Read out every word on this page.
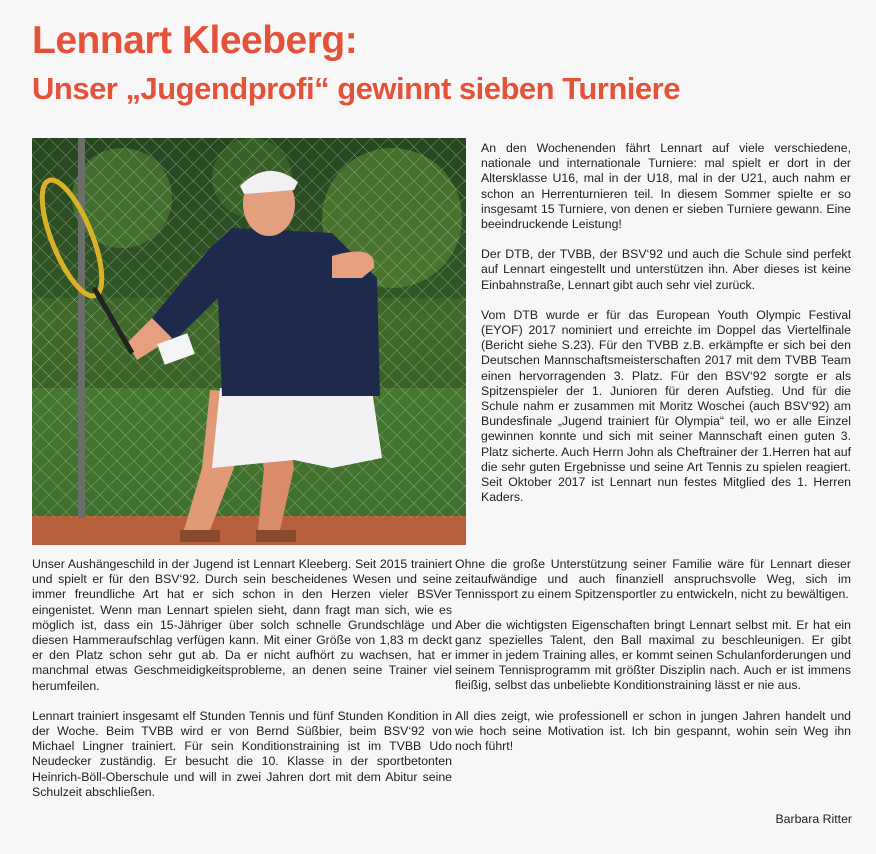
Lennart Kleeberg:
Unser „Jugendprofi“ gewinnt sieben Turniere

An den Wochenenden fährt Lennart auf viele verschiedene, nationale und internationale Turniere: mal spielt er dort in der Altersklasse U16, mal in der U18, mal in der U21, auch nahm er schon an Herrenturnieren teil. In diesem Sommer spielte er so insgesamt 15 Turniere, von denen er sieben Turniere gewann. Eine beeindruckende Leistung!

Der DTB, der TVBB, der BSV‘92 und auch die Schule sind perfekt auf Lennart eingestellt und unterstützen ihn. Aber dieses ist keine Einbahnstraße, Lennart gibt auch sehr viel zurück.

Vom DTB wurde er für das European Youth Olympic Festival (EYOF) 2017 nominiert und erreichte im Doppel das Viertelfinale (Bericht siehe S.23). Für den TVBB z.B. erkämpfte er sich bei den Deutschen Mannschaftsmeisterschaften 2017 mit dem TVBB Team einen hervorragenden 3. Platz. Für den BSV‘92 sorgte er als Spitzenspieler der 1. Junioren für deren Aufstieg. Und für die Schule nahm er zusammen mit Moritz Woschei (auch BSV‘92) am Bundesfinale „Jugend trainiert für Olympia“ teil, wo er alle Einzel gewinnen konnte und sich mit seiner Mannschaft einen guten 3. Platz sicherte. Auch Herrn John als Cheftrainer der 1.Herren hat auf die sehr guten Ergebnisse und seine Art Tennis zu spielen reagiert. Seit Oktober 2017 ist Lennart nun festes Mitglied des 1. Herren Kaders.

Unser Aushängeschild in der Jugend ist Lennart Kleeberg. Seit 2015 trainiert und spielt er für den BSV‘92. Durch sein bescheidenes Wesen und seine immer freundliche Art hat er sich schon in den Herzen vieler BSVer eingenistet. Wenn man Lennart spielen sieht, dann fragt man sich, wie es möglich ist, dass ein 15-Jähriger über solch schnelle Grundschläge und diesen Hammeraufschlag verfügen kann. Mit einer Größe von 1,83 m deckt er den Platz schon sehr gut ab. Da er nicht aufhört zu wachsen, hat er manchmal etwas Geschmeidigkeitsprobleme, an denen seine Trainer viel herumfeilen.

Lennart trainiert insgesamt elf Stunden Tennis und fünf Stunden Kondition in der Woche. Beim TVBB wird er von Bernd Süßbier, beim BSV‘92 von Michael Lingner trainiert. Für sein Konditionstraining ist im TVBB Udo Neudecker zuständig. Er besucht die 10. Klasse in der sportbetonten Heinrich-Böll-Oberschule und will in zwei Jahren dort mit dem Abitur seine Schulzeit abschließen.

Ohne die große Unterstützung seiner Familie wäre für Lennart dieser zeitaufwändige und auch finanziell anspruchsvolle Weg, sich im Tennissport zu einem Spitzensportler zu entwickeln, nicht zu bewältigen.

Aber die wichtigsten Eigenschaften bringt Lennart selbst mit. Er hat ein ganz spezielles Talent, den Ball maximal zu beschleunigen. Er gibt immer in jedem Training alles, er kommt seinen Schulanforderungen und seinem Tennisprogramm mit größter Disziplin nach. Auch er ist immens fleißig, selbst das unbeliebte Konditionstraining lässt er nie aus.

All dies zeigt, wie professionell er schon in jungen Jahren handelt und wie hoch seine Motivation ist. Ich bin gespannt, wohin sein Weg ihn noch führt!

Barbara Ritter
